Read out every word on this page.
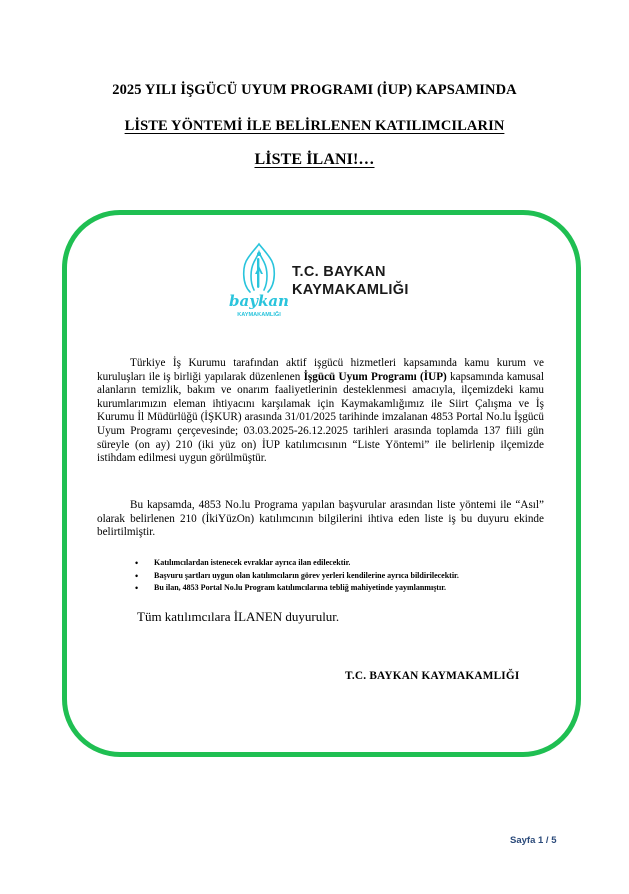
2025 YILI İŞGÜCÜ UYUM PROGRAMI (İUP) KAPSAMINDA
LİSTE YÖNTEMİ İLE BELİRLENEN KATILIMCILARIN
LİSTE İLANI!…
baykan
KAYMAKAMLIĞI
T.C. BAYKAN
KAYMAKAMLIĞI
Türkiye İş Kurumu tarafından aktif işgücü hizmetleri kapsamında kamu kurum ve kuruluşları ile iş birliği yapılarak düzenlenen İşgücü Uyum Programı (İUP) kapsamında kamusal alanların temizlik, bakım ve onarım faaliyetlerinin desteklenmesi amacıyla, ilçemizdeki kamu kurumlarımızın eleman ihtiyacını karşılamak için Kaymakamlığımız ile Siirt Çalışma ve İş Kurumu İl Müdürlüğü (İŞKUR) arasında 31/01/2025 tarihinde imzalanan 4853 Portal No.lu İşgücü Uyum Programı çerçevesinde; 03.03.2025-26.12.2025 tarihleri arasında toplamda 137 fiili gün süreyle (on ay) 210 (iki yüz on) İUP katılımcısının “Liste Yöntemi” ile belirlenip ilçemizde istihdam edilmesi uygun görülmüştür.
Bu kapsamda, 4853 No.lu Programa yapılan başvurular arasından liste yöntemi ile “Asıl” olarak belirlenen 210 (İkiYüzOn) katılımcının bilgilerini ihtiva eden liste iş bu duyuru ekinde belirtilmiştir.
• Katılımcılardan istenecek evraklar ayrıca ilan edilecektir.
• Başvuru şartları uygun olan katılımcıların görev yerleri kendilerine ayrıca bildirilecektir.
• Bu ilan, 4853 Portal No.lu Program katılımcılarına tebliğ mahiyetinde yayınlanmıştır.
Tüm katılımcılara İLANEN duyurulur.
T.C. BAYKAN KAYMAKAMLIĞI
Sayfa 1 / 5
